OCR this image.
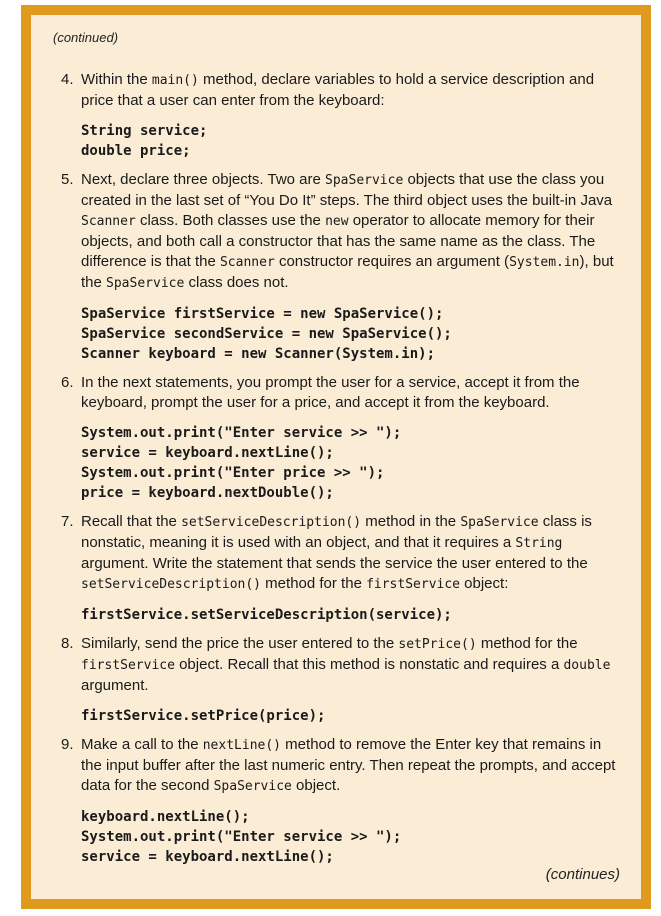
(continued)
4. Within the main() method, declare variables to hold a service description and price that a user can enter from the keyboard:

String service;
double price;
5. Next, declare three objects. Two are SpaService objects that use the class you created in the last set of “You Do It” steps. The third object uses the built-in Java Scanner class. Both classes use the new operator to allocate memory for their objects, and both call a constructor that has the same name as the class. The difference is that the Scanner constructor requires an argument (System.in), but the SpaService class does not.

SpaService firstService = new SpaService();
SpaService secondService = new SpaService();
Scanner keyboard = new Scanner(System.in);
6. In the next statements, you prompt the user for a service, accept it from the keyboard, prompt the user for a price, and accept it from the keyboard.

System.out.print("Enter service >> ");
service = keyboard.nextLine();
System.out.print("Enter price >> ");
price = keyboard.nextDouble();
7. Recall that the setServiceDescription() method in the SpaService class is nonstatic, meaning it is used with an object, and that it requires a String argument. Write the statement that sends the service the user entered to the setServiceDescription() method for the firstService object:

firstService.setServiceDescription(service);
8. Similarly, send the price the user entered to the setPrice() method for the firstService object. Recall that this method is nonstatic and requires a double argument.

firstService.setPrice(price);
9. Make a call to the nextLine() method to remove the Enter key that remains in the input buffer after the last numeric entry. Then repeat the prompts, and accept data for the second SpaService object.

keyboard.nextLine();
System.out.print("Enter service >> ");
service = keyboard.nextLine();
(continues)
